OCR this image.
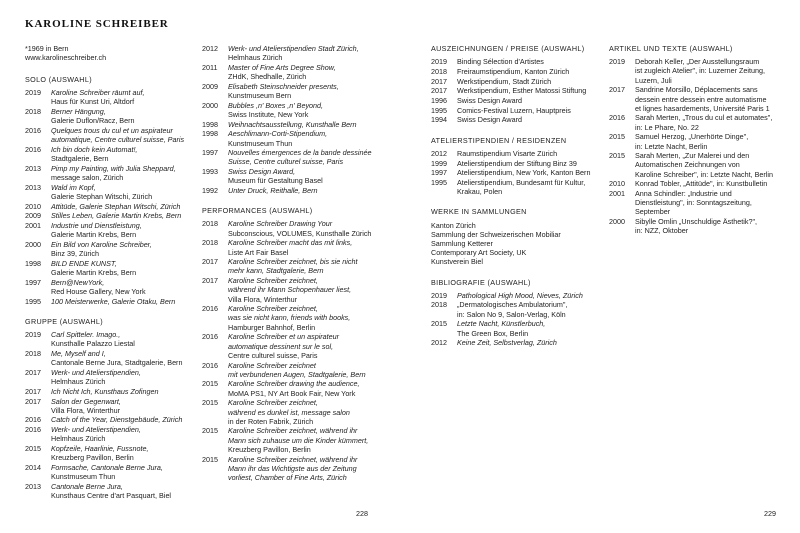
KAROLINE SCHREIBER
*1969 in Bern
www.karolineschreiber.ch
SOLO (AUSWAHL)
2019	Karoline Schreiber räumt auf,
Haus für Kunst Uri, Altdorf
2018	Berner Hängung,
Galerie Duflon/Racz, Bern
2016	Quelques trous du cul et un aspirateur
automatique, Centre culturel suisse, Paris
2016	Ich bin doch kein Automat!,
Stadtgalerie, Bern
2013	Pimp my Painting, with Julia Sheppard,
message salon, Zürich
2013	Wald im Kopf,
Galerie Stephan Witschi, Zürich
2010	Attitüde, Galerie Stephan Witschi, Zürich
2009	Stilles Leben, Galerie Martin Krebs, Bern
2001	Industrie und Dienstleistung,
Galerie Martin Krebs, Bern
2000	Ein Bild von Karoline Schreiber,
Binz 39, Zürich
1998	BILD ENDE KUNST,
Galerie Martin Krebs, Bern
1997	Bern@NewYork,
Red House Gallery, New York
1995	100 Meisterwerke, Galerie Otaku, Bern
GRUPPE (AUSWAHL)
2019	Carl Spitteler. Imago.,
Kunsthalle Palazzo Liestal
2018	Me, Myself and I,
Cantonale Berne Jura, Stadtgalerie, Bern
2017	Werk- und Atelierstipendien,
Helmhaus Zürich
2017	Ich Nicht Ich, Kunsthaus Zofingen
2017	Salon der Gegenwart,
Villa Flora, Winterthur
2016	Catch of the Year, Dienstgebäude, Zürich
2016	Werk- und Atelierstipendien,
Helmhaus Zürich
2015	Kopfzeile, Haarlinie, Fussnote,
Kreuzberg Pavillon, Berlin
2014	Formsache, Cantonale Berne Jura,
Kunstmuseum Thun
2013	Cantonale Berne Jura,
Kunsthaus Centre d'art Pasquart, Biel
2012	Werk- und Atelierstipendien Stadt Zürich,
Helmhaus Zürich
2011	Master of Fine Arts Degree Show,
ZHdK, Shedhalle, Zürich
2009	Elisabeth Steinschneider presents,
Kunstmuseum Bern
2000	Bubbles ,n' Boxes ,n' Beyond,
Swiss Institute, New York
1998	Weihnachtsausstellung, Kunsthalle Bern
1998	Aeschlimann-Corti-Stipendium,
Kunstmuseum Thun
1997	Nouvelles émergences de la bande dessinée
Suisse, Centre culturel suisse, Paris
1993	Swiss Design Award,
Museum für Gestaltung Basel
1992	Unter Druck, Reithalle, Bern
PERFORMANCES (AUSWAHL)
2018	Karoline Schreiber Drawing Your
Subconscious, VOLUMES, Kunsthalle Zürich
2018	Karoline Schreiber macht das mit links,
Liste Art Fair Basel
2017	Karoline Schreiber zeichnet, bis sie nicht
mehr kann, Stadtgalerie, Bern
2017	Karoline Schreiber zeichnet,
während ihr Mann Schopenhauer liest,
Villa Flora, Winterthur
2016	Karoline Schreiber zeichnet,
was sie nicht kann, friends with books,
Hamburger Bahnhof, Berlin
2016	Karoline Schreiber et un aspirateur
automatique dessinent sur le sol,
Centre culturel suisse, Paris
2016	Karoline Schreiber zeichnet
mit verbundenen Augen, Stadtgalerie, Bern
2015	Karoline Schreiber drawing the audience,
MoMA PS1, NY Art Book Fair, New York
2015	Karoline Schreiber zeichnet,
während es dunkel ist, message salon
in der Roten Fabrik, Zürich
2015	Karoline Schreiber zeichnet, während ihr
Mann sich zuhause um die Kinder kümmert,
Kreuzberg Pavillon, Berlin
2015	Karoline Schreiber zeichnet, während ihr
Mann ihr das Wichtigste aus der Zeitung
vorliest, Chamber of Fine Arts, Zürich
AUSZEICHNUNGEN / PREISE (AUSWAHL)
2019	Binding Sélection d'Artistes
2018	Freiraumstipendium, Kanton Zürich
2017	Werkstipendium, Stadt Zürich
2017	Werkstipendium, Esther Matossi Stiftung
1996	Swiss Design Award
1995	Comics-Festival Luzern, Hauptpreis
1994	Swiss Design Award
ATELIERSTIPENDIEN / RESIDENZEN
2012	Raumstipendium Visarte Zürich
1999	Atelierstipendium der Stiftung Binz 39
1997	Atelierstipendium, New York, Kanton Bern
1995	Atelierstipendium, Bundesamt für Kultur,
Krakau, Polen
WERKE IN SAMMLUNGEN
Kanton Zürich
Sammlung der Schweizerischen Mobiliar
Sammlung Ketterer
Contemporary Art Society, UK
Kunstverein Biel
BIBLIOGRAFIE (AUSWAHL)
2019	Pathological High Mood, Nieves, Zürich
2018	„Dermatologisches Ambulatorium",
in: Salon No 9, Salon-Verlag, Köln
2015	Letzte Nacht, Künstlerbuch,
The Green Box, Berlin
2012	Keine Zeit, Selbstverlag, Zürich
ARTIKEL UND TEXTE (AUSWAHL)
2019	Deborah Keller, „Der Ausstellungsraum
ist zugleich Atelier", in: Luzerner Zeitung,
Luzern, Juli
2017	Sandrine Morsillo, Déplacements sans
dessein entre dessein entre automatisme
et lignes hasardements, Université Paris 1
2016	Sarah Merten, „Trous du cul et automates",
in: Le Phare, No. 22
2015	Samuel Herzog, „Unerhörte Dinge",
in: Letzte Nacht, Berlin
2015	Sarah Merten, „Zur Malerei und den
Automatischen Zeichnungen von
Karoline Schreiber", in: Letzte Nacht, Berlin
2010	Konrad Tobler, „Attitüde", in: Kunstbulletin
2001	Anna Schindler: „Industrie und
Dienstleistung", in: Sonntagszeitung,
September
2000	Sibylle Omlin „Unschuldige Ästhetik?",
in: NZZ, Oktober
228	229
